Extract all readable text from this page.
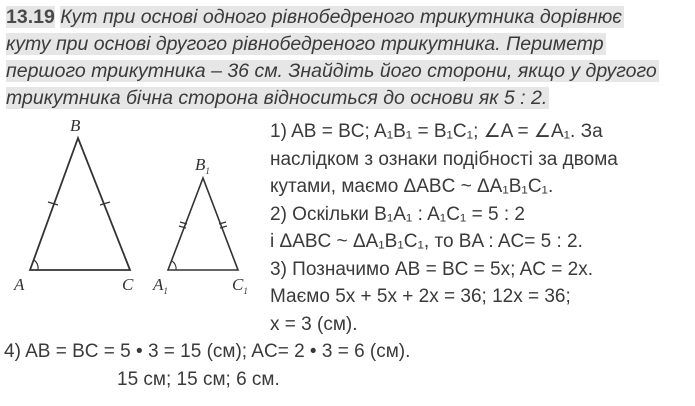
13.19 Кут при основі одного рівнобедреного трикутника дорівнює
куту при основі другого рівнобедреного трикутника. Периметр
першого трикутника – 36 см. Знайдіть його сторони, якщо у другого
трикутника бічна сторона відноситься до основи як 5 : 2.
B
A	C
$B_1$
$A_1$	$C_1$
1) AB = BC; A₁B₁ = B₁C₁; ∠A = ∠A₁. За
наслідком з ознаки подібності за двома
кутами, маємо ΔABC ~ ΔA₁B₁C₁.
2) Оскільки B₁A₁ : A₁C₁ = 5 : 2
і ΔABC ~ ΔA₁B₁C₁, то BA : AC= 5 : 2.
3) Позначимо AB = BC = 5x; AC = 2x.
Маємо 5x + 5x + 2x = 36; 12x = 36;
x = 3 (см).
4) AB = BC = 5 • 3 = 15 (см); AC= 2 • 3 = 6 (см).
15 см; 15 см; 6 см.
